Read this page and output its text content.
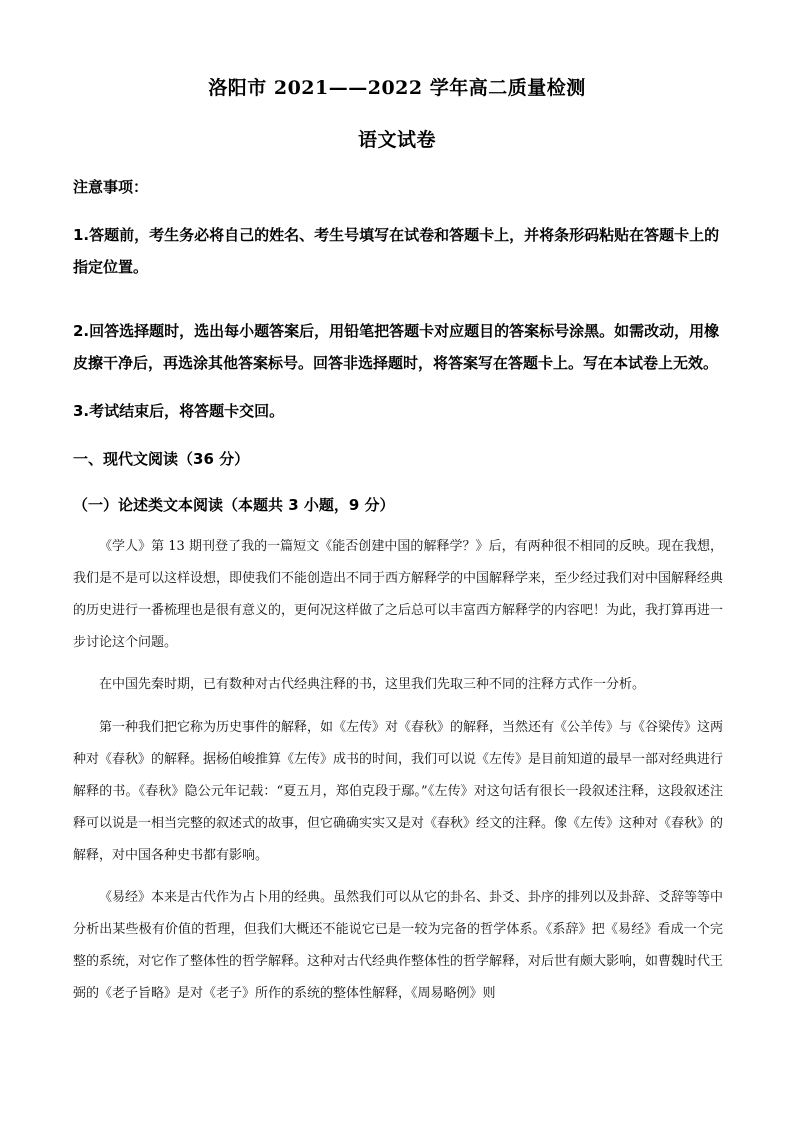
洛阳市 2021——2022 学年高二质量检测
语文试卷

注意事项：

1.答题前，考生务必将自己的姓名、考生号填写在试卷和答题卡上，并将条形码粘贴在答题卡上的指定位置。

2.回答选择题时，选出每小题答案后，用铅笔把答题卡对应题目的答案标号涂黑。如需改动，用橡皮擦干净后，再选涂其他答案标号。回答非选择题时，将答案写在答题卡上。写在本试卷上无效。

3.考试结束后，将答题卡交回。

一、现代文阅读（36 分）

（一）论述类文本阅读（本题共 3 小题，9 分）

《学人》第 13 期刊登了我的一篇短文《能否创建中国的解释学？》后，有两种很不相同的反映。现在我想，我们是不是可以这样设想，即使我们不能创造出不同于西方解释学的中国解释学来，至少经过我们对中国解释经典的历史进行一番梳理也是很有意义的，更何况这样做了之后总可以丰富西方解释学的内容吧！为此，我打算再进一步讨论这个问题。

在中国先秦时期，已有数种对古代经典注释的书，这里我们先取三种不同的注释方式作一分析。

第一种我们把它称为历史事件的解释，如《左传》对《春秋》的解释，当然还有《公羊传》与《谷梁传》这两种对《春秋》的解释。据杨伯峻推算《左传》成书的时间，我们可以说《左传》是目前知道的最早一部对经典进行解释的书。《春秋》隐公元年记载：“夏五月，郑伯克段于鄢。”《左传》对这句话有很长一段叙述注释，这段叙述注释可以说是一相当完整的叙述式的故事，但它确确实实又是对《春秋》经文的注释。像《左传》这种对《春秋》的解释，对中国各种史书都有影响。

《易经》本来是古代作为占卜用的经典。虽然我们可以从它的卦名、卦爻、卦序的排列以及卦辞、爻辞等等中分析出某些极有价值的哲理，但我们大概还不能说它已是一较为完备的哲学体系。《系辞》把《易经》看成一个完整的系统，对它作了整体性的哲学解释。这种对古代经典作整体性的哲学解释，对后世有颇大影响，如曹魏时代王弼的《老子旨略》是对《老子》所作的系统的整体性解释，《周易略例》则
